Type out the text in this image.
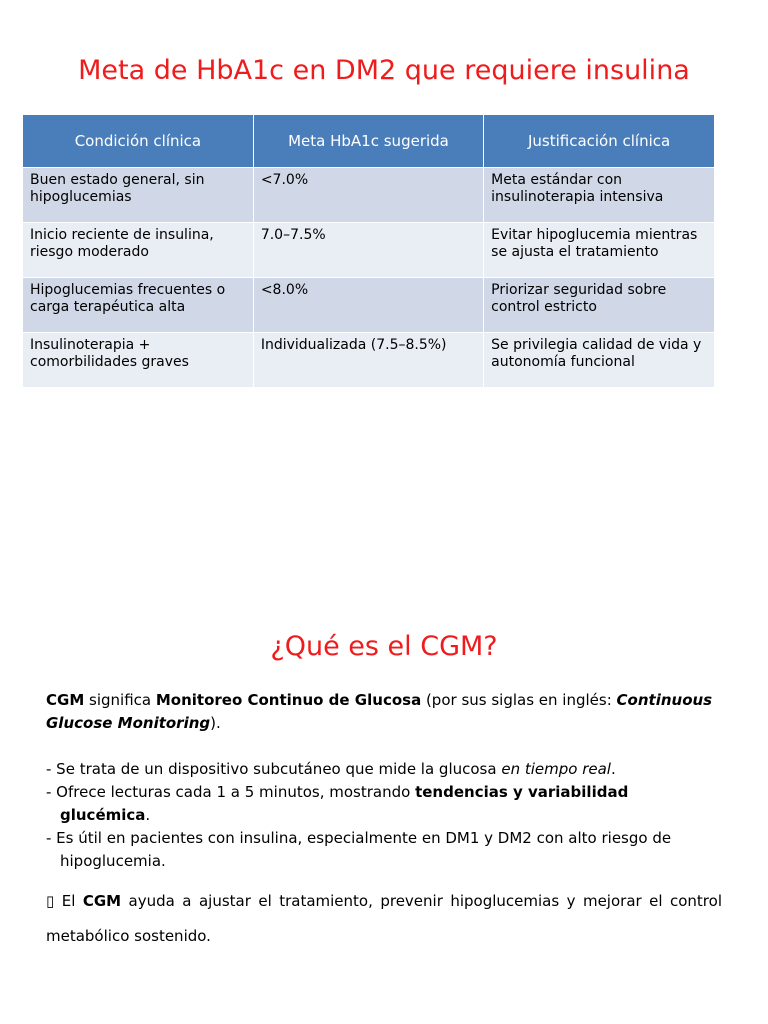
Meta de HbA1c en DM2 que requiere insulina
Condición clínica	Meta HbA1c sugerida	Justificación clínica
Buen estado general, sin hipoglucemias	<7.0%	Meta estándar con insulinoterapia intensiva
Inicio reciente de insulina, riesgo moderado	7.0–7.5%	Evitar hipoglucemia mientras se ajusta el tratamiento
Hipoglucemias frecuentes o carga terapéutica alta	<8.0%	Priorizar seguridad sobre control estricto
Insulinoterapia + comorbilidades graves	Individualizada (7.5–8.5%)	Se privilegia calidad de vida y autonomía funcional
¿Qué es el CGM?

CGM significa Monitoreo Continuo de Glucosa (por sus siglas en inglés: Continuous Glucose Monitoring).

- Se trata de un dispositivo subcutáneo que mide la glucosa en tiempo real.
- Ofrece lecturas cada 1 a 5 minutos, mostrando tendencias y variabilidad glucémica.
- Es útil en pacientes con insulina, especialmente en DM1 y DM2 con alto riesgo de hipoglucemia.

▯ El CGM ayuda a ajustar el tratamiento, prevenir hipoglucemias y mejorar el control metabólico sostenido.
